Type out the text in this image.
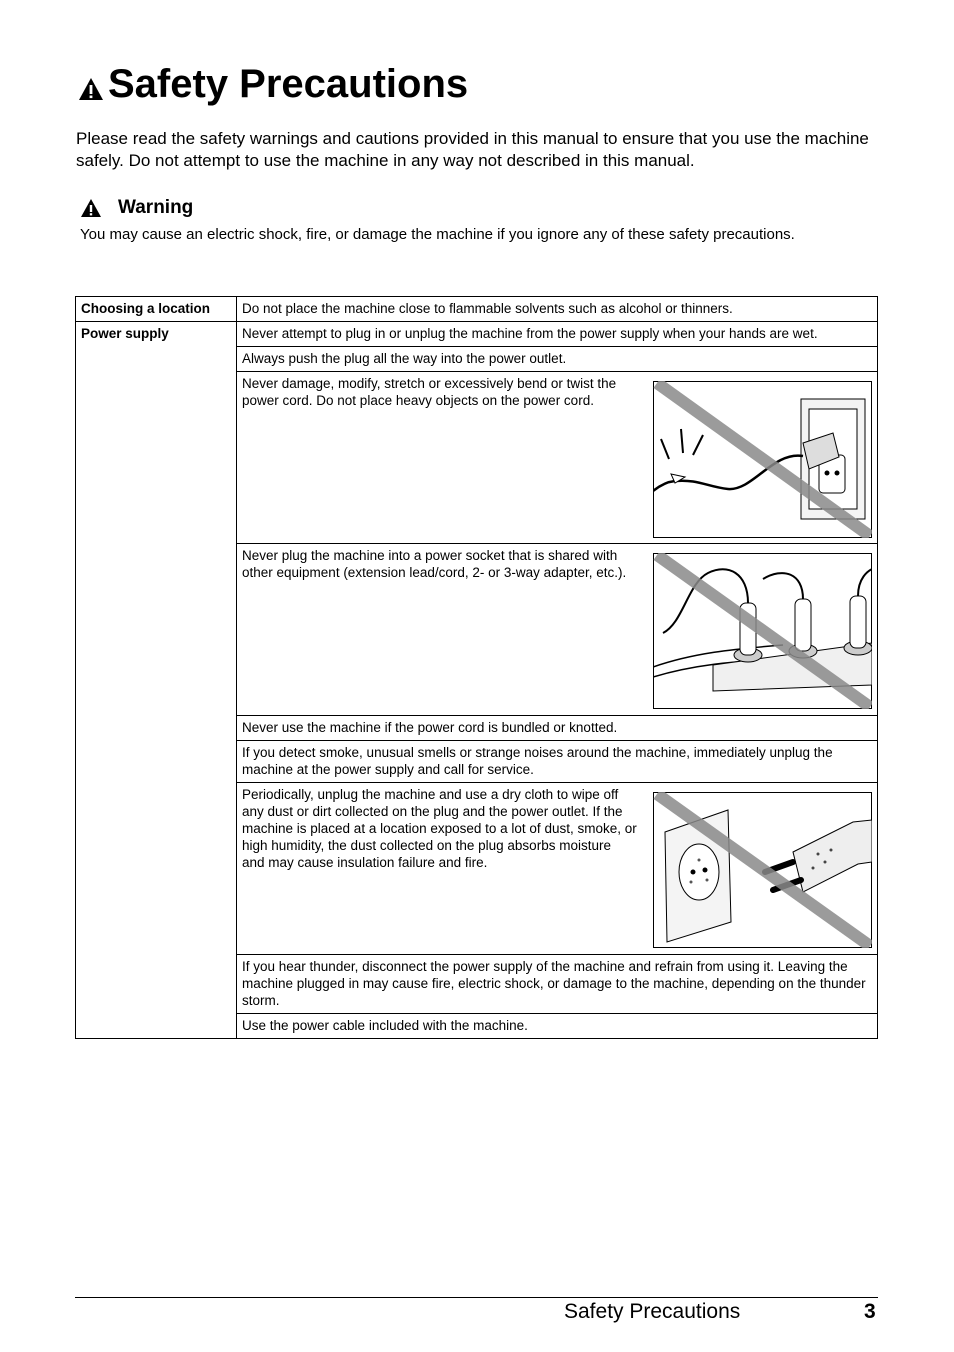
Safety Precautions

Please read the safety warnings and cautions provided in this manual to ensure that you use the machine safely. Do not attempt to use the machine in any way not described in this manual.

Warning

You may cause an electric shock, fire, or damage the machine if you ignore any of these safety precautions.

Choosing a location	Do not place the machine close to flammable solvents such as alcohol or thinners.
Power supply	Never attempt to plug in or unplug the machine from the power supply when your hands are wet.
	Always push the plug all the way into the power outlet.

	Never damage, modify, stretch or excessively bend or twist the power cord. Do not place heavy objects on the power cord.

	Never plug the machine into a power socket that is shared with other equipment (extension lead/cord, 2- or 3-way adapter, etc.).

	Never use the machine if the power cord is bundled or knotted.
	If you detect smoke, unusual smells or strange noises around the machine, immediately unplug the machine at the power supply and call for service.

	Periodically, unplug the machine and use a dry cloth to wipe off any dust or dirt collected on the plug and the power outlet. If the machine is placed at a location exposed to a lot of dust, smoke, or high humidity, the dust collected on the plug absorbs moisture and may cause insulation failure and fire.

	If you hear thunder, disconnect the power supply of the machine and refrain from using it. Leaving the machine plugged in may cause fire, electric shock, or damage to the machine, depending on the thunder storm.
	Use the power cable included with the machine.
Safety Precautions	3
